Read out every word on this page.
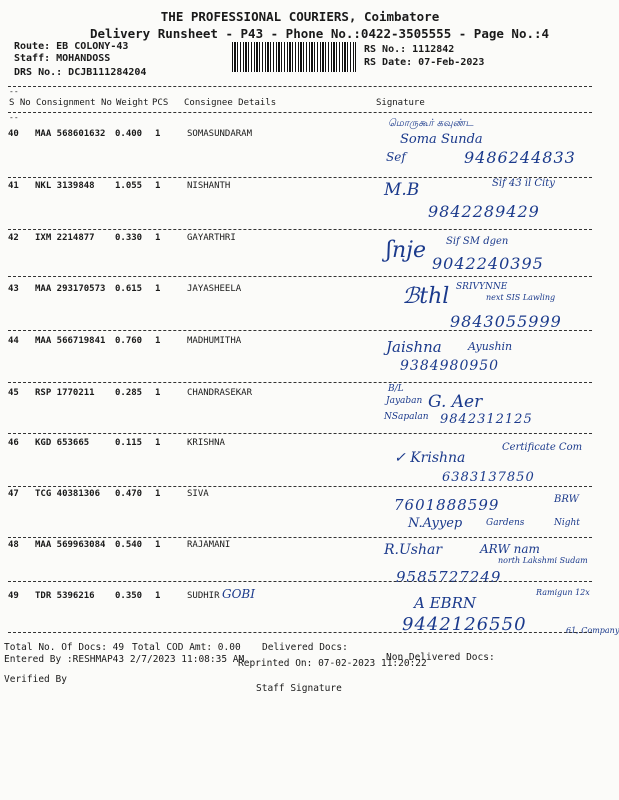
THE PROFESSIONAL COURIERS, Coimbatore
Delivery Runsheet - P43 - Phone No.:0422-3505555 - Page No.:4
Route: EB COLONY-43
Staff: MOHANDOSS
DRS No.: DCJB111284204
RS No.: 1112842
RS Date: 07-Feb-2023
--
S No Consignment No Weight PCS Consignee Details	Signature
--
40 MAA 568601632 0.400 1	SOMASUNDARAM
மொருகூர் கவுண்ட
Soma Sunda
Sef	9486244833
41 NKL 3139848 1.055 1	NISHANTH	M.B	Sif 43 il City
9842289429
42 IXM 2214877 0.330 1	GAYARTHRI	ʃnje Sif SM dgen
9042240395
43 MAA 293170573 0.615 1	JAYASHEELA	ℬthl SRIVYNNE
next SIS Lawling
9843055999
44 MAA 566719841 0.760 1	MADHUMITHA	Jaishna Ayushin
9384980950
45 RSP 1770211 0.285 1	CHANDRASEKAR	B/L
Jayaban G. Aer
NSapalan 9842312125
46 KGD 653665	0.115 1	KRISHNA
✓ Krishna
Certificate Com
6383137850
47 TCG 40381306 0.470 1	SIVA
7601888599	BRW
N.Ayyep	Gardens	Night
48 MAA 569963084 0.540 1	RAJAMANI	R.Ushar	ARW nam
north Lakshmi Sudam
9585727249
49 TDR 5396216 0.350 1	SUDHIR GOBI	A EBRN
Ramigun 12x
9442126550	61, Company
Total No. Of Docs: 49 Total COD Amt: 0.00 Delivered Docs:
Non Delivered Docs:
Entered By :RESHMAP43 2/7/2023 11:08:35 AM
Reprinted On: 07-02-2023 11:20:22
Verified By
Staff Signature
